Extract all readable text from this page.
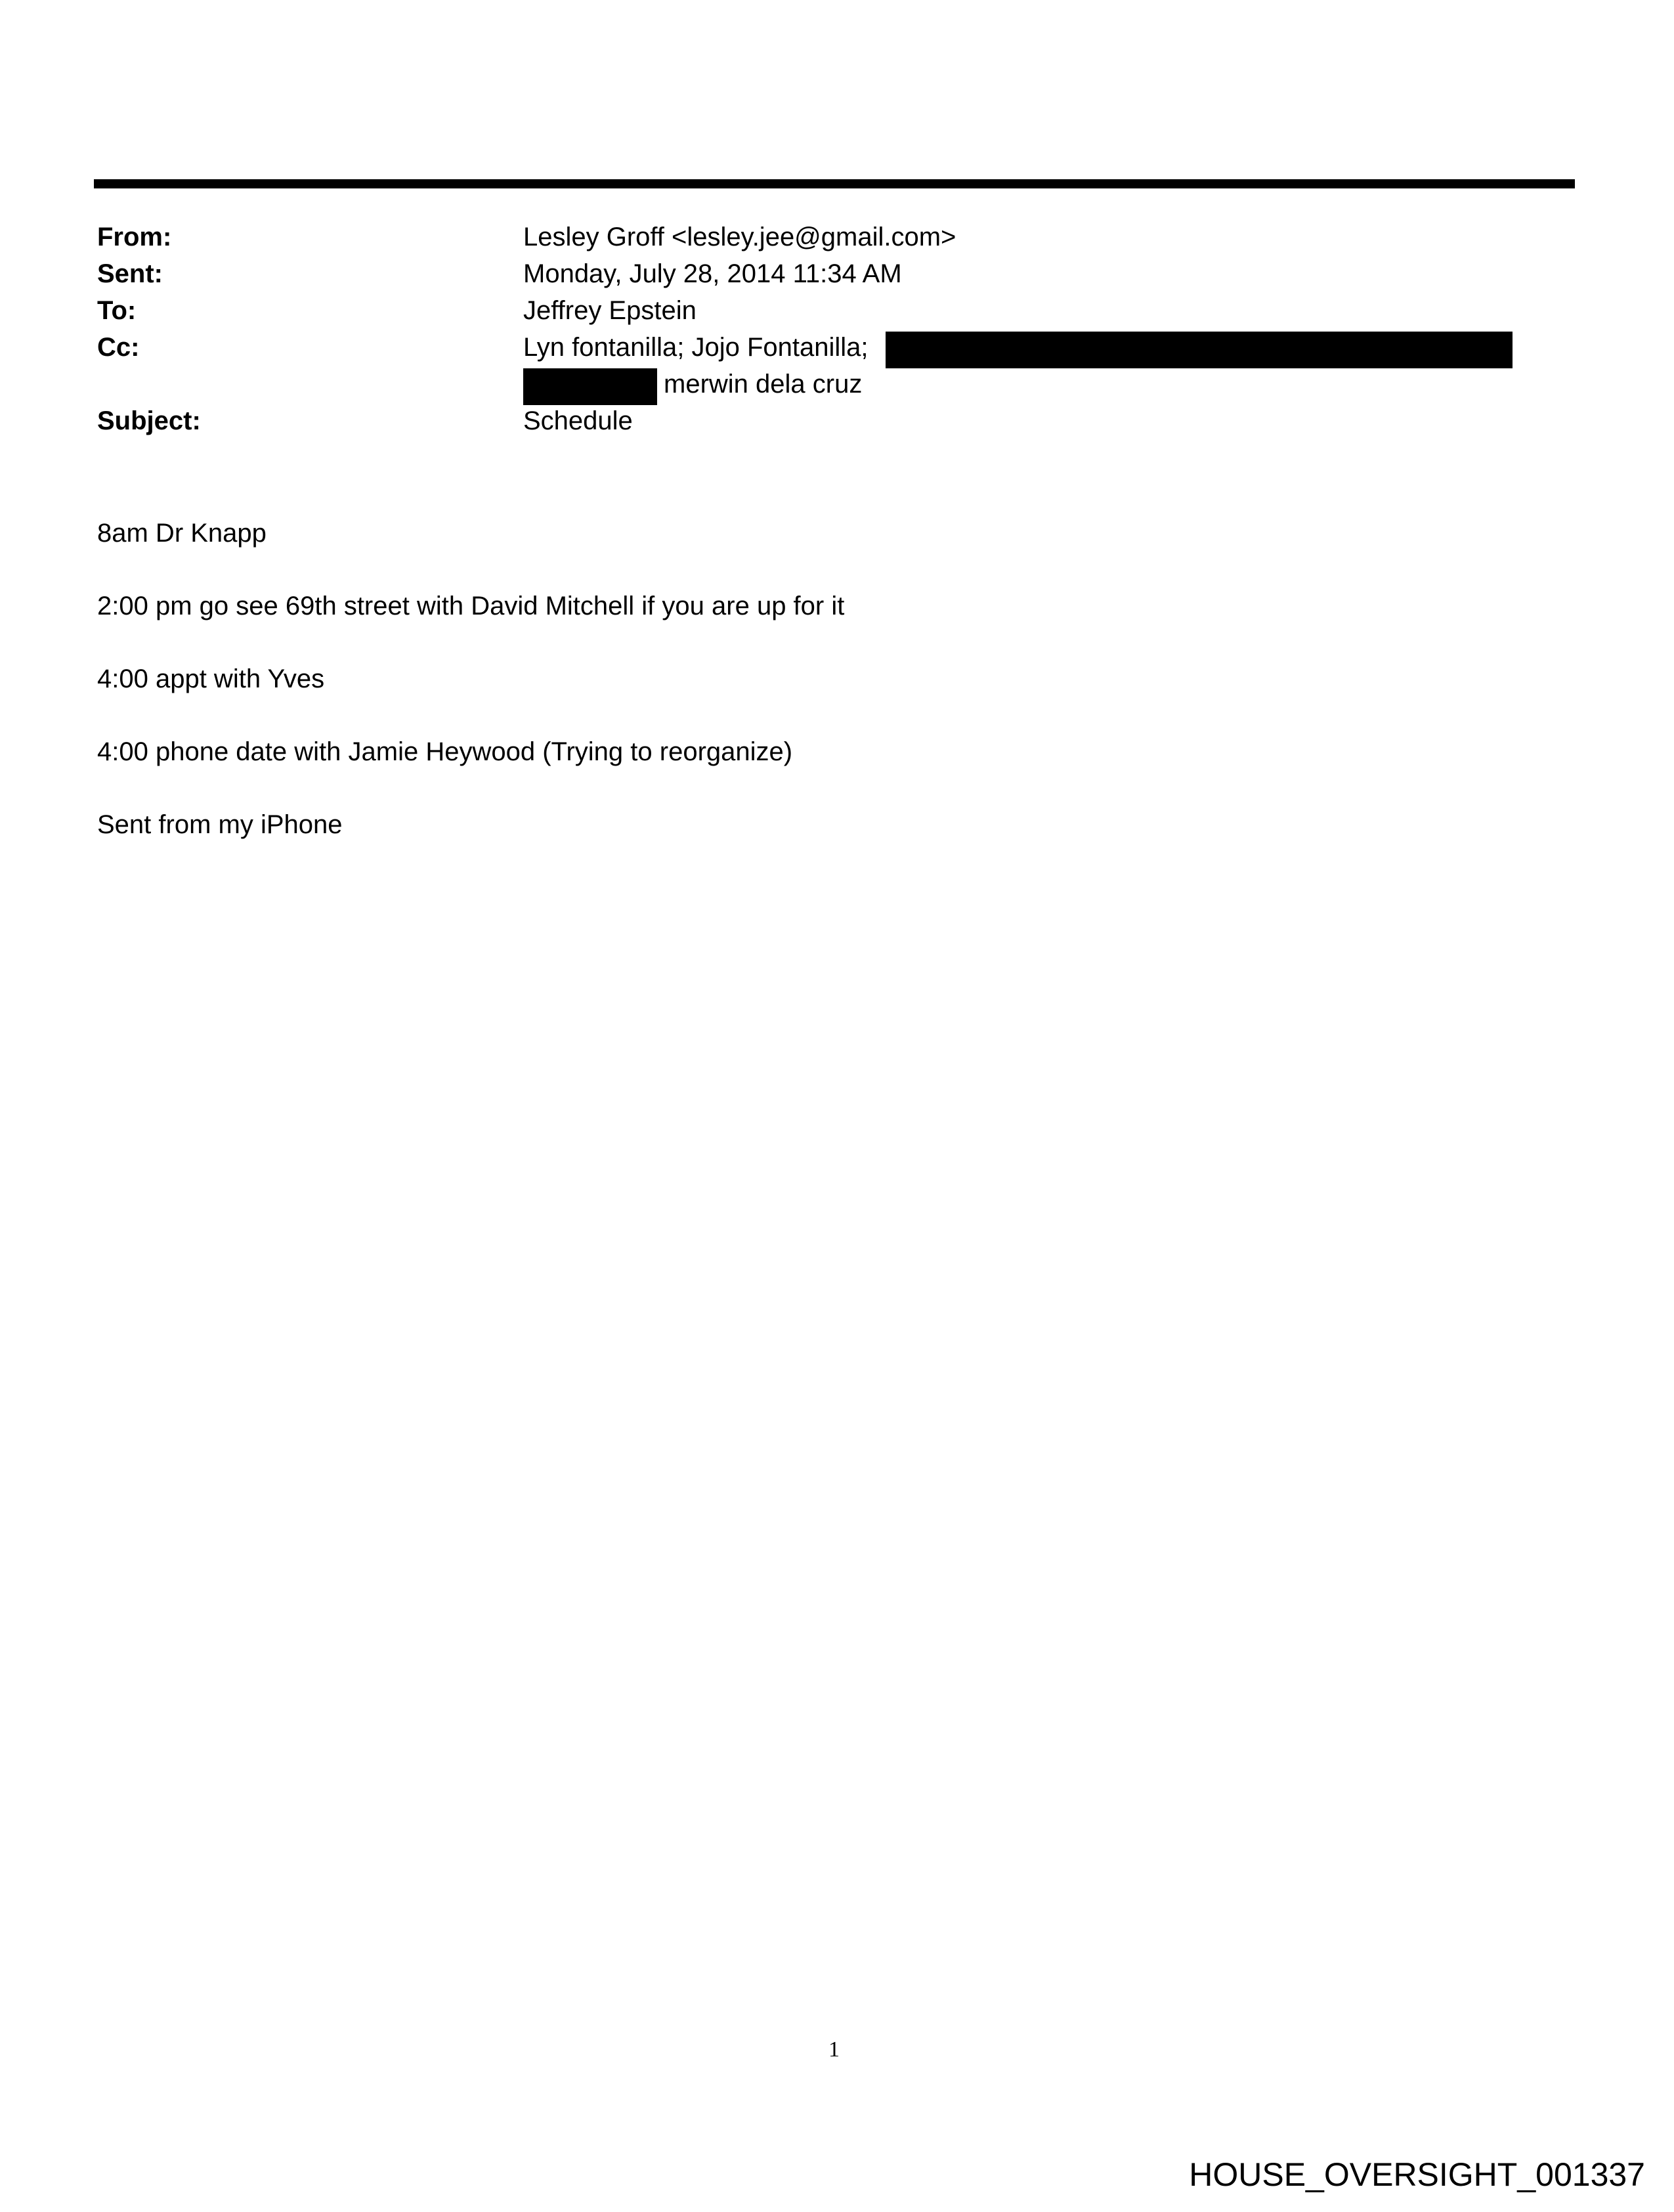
From:
Sent:
To:
Cc:
Subject:
Lesley Groff <lesley.jee@gmail.com>
Monday, July 28, 2014 11:34 AM
Jeffrey Epstein
Lyn fontanilla; Jojo Fontanilla;
merwin dela cruz
Schedule
8am Dr Knapp
2:00 pm go see 69th street with David Mitchell if you are up for it
4:00 appt with Yves
4:00 phone date with Jamie Heywood (Trying to reorganize)
Sent from my iPhone
1
HOUSE_OVERSIGHT_001337
